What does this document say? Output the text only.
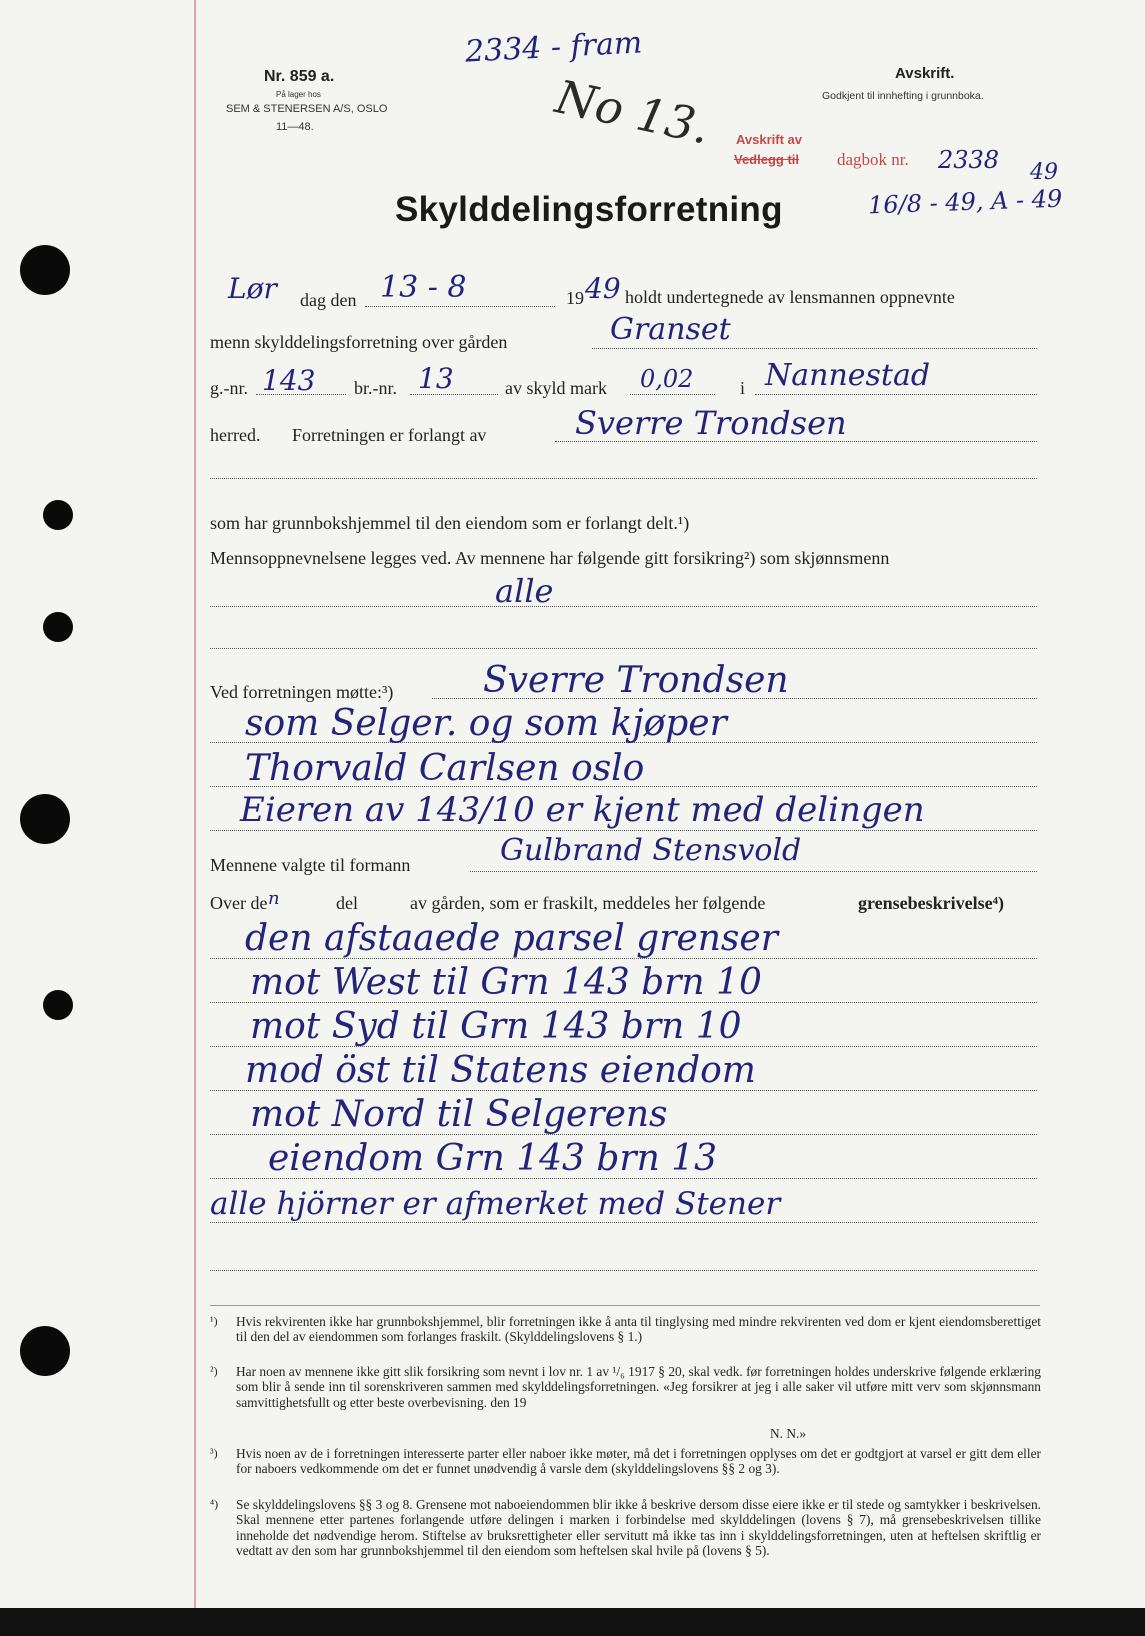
Nr. 859 a.
På lager hos
SEM & STENERSEN A/S, OSLO
11—48.
2334 - fram
No 13.	Avskrift.
Godkjent til innhefting i grunnboka.
Avskrift av
Vedlegg til dagbok nr. 2338 49
16/8 - 49, A - 49
Skylddelingsforretning
Lør dag den 13 - 8	19 49 holdt undertegnede av lensmannen oppnevnte
menn skylddelingsforretning over gården	Granset
g.-nr. 143 br.-nr. 13	av skyld mark 0,02	i Nannestad
herred. Forretningen er forlangt av	Sverre Trondsen
som har grunnbokshjemmel til den eiendom som er forlangt delt.¹)
Mennsoppnevnelsene legges ved. Av mennene har følgende gitt forsikring²) som skjønnsmenn
alle
Ved forretningen møtte:³) Sverre Trondsen
som Selger. og som kjøper
Thorvald Carlsen oslo
Eieren av 143/10 er kjent med delingen
Mennene valgte til formann	Gulbrand Stensvold
Over de n	del	av gården, som er fraskilt, meddeles her følgende	grensebeskrivelse⁴)
den afstaaede parsel grenser
mot West til Grn 143 brn 10
mot Syd til Grn 143 brn 10
mod öst til Statens eiendom
mot Nord til Selgerens
eiendom Grn 143 brn 13
alle hjörner er afmerket med Stener
¹) Hvis rekvirenten ikke har grunnbokshjemmel, blir forretningen ikke å anta til tinglysing med mindre rekvirenten ved dom er kjent eiendomsberettiget til den del av eiendommen som forlanges fraskilt. (Skylddelingslovens § 1.)
²) Har noen av mennene ikke gitt slik forsikring som nevnt i lov nr. 1 av ¹/₆ 1917 § 20, skal vedk. før forretningen holdes underskrive følgende erklæring som blir å sende inn til sorenskriveren sammen med skylddelingsforretningen. «Jeg forsikrer at jeg i alle saker vil utføre mitt verv som skjønnsmann samvittighetsfullt og etter beste overbevisning. den 19
N. N.»
³) Hvis noen av de i forretningen interesserte parter eller naboer ikke møter, må det i forretningen opplyses om det er godtgjort at varsel er gitt dem eller for naboers vedkommende om det er funnet unødvendig å varsle dem (skylddelingslovens §§ 2 og 3).
⁴) Se skylddelingslovens §§ 3 og 8. Grensene mot naboeiendommen blir ikke å beskrive dersom disse eiere ikke er til stede og samtykker i beskrivelsen. Skal mennene etter partenes forlangende utføre delingen i marken i forbindelse med skylddelingen (lovens § 7), må grensebeskrivelsen tillike inneholde det nødvendige herom. Stiftelse av bruksrettigheter eller servitutt må ikke tas inn i skylddelingsforretningen, uten at heftelsen skriftlig er vedtatt av den som har grunnbokshjemmel til den eiendom som heftelsen skal hvile på (lovens § 5).
